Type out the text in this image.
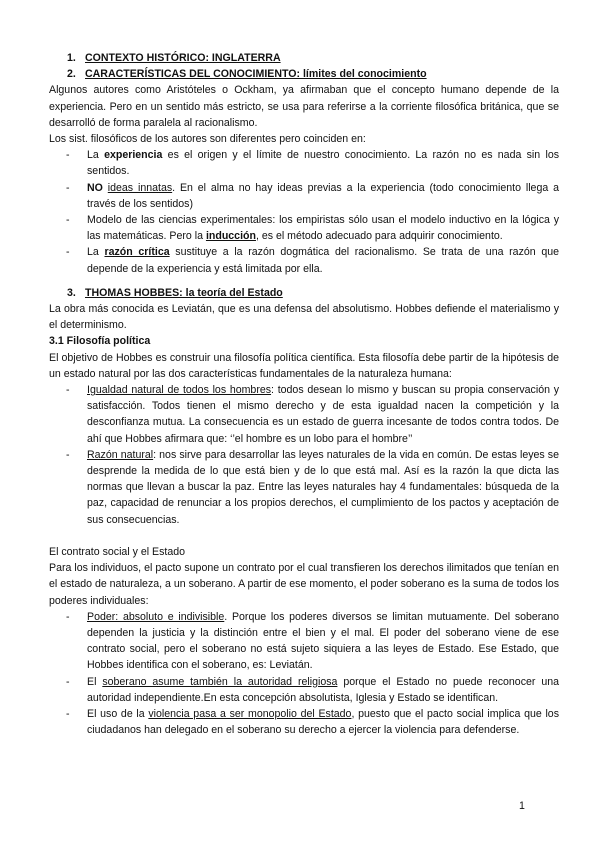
1. CONTEXTO HISTÓRICO: INGLATERRA
2. CARACTERÍSTICAS DEL CONOCIMIENTO: límites del conocimiento

Algunos autores como Aristóteles o Ockham, ya afirmaban que el concepto humano depende de la experiencia. Pero en un sentido más estricto, se usa para referirse a la corriente filosófica británica, que se desarrolló de forma paralela al racionalismo.

Los sist. filosóficos de los autores son diferentes pero coinciden en:

- La experiencia es el origen y el límite de nuestro conocimiento. La razón no es nada sin los sentidos.
- NO ideas innatas. En el alma no hay ideas previas a la experiencia (todo conocimiento llega a través de los sentidos)
- Modelo de las ciencias experimentales: los empiristas sólo usan el modelo inductivo en la lógica y las matemáticas. Pero la inducción, es el método adecuado para adquirir conocimiento.
- La razón crítica sustituye a la razón dogmática del racionalismo. Se trata de una razón que depende de la experiencia y está limitada por ella.
3. THOMAS HOBBES: la teoría del Estado

La obra más conocida es Leviatán, que es una defensa del absolutismo. Hobbes defiende el materialismo y el determinismo.

3.1 Filosofía política

El objetivo de Hobbes es construir una filosofía política científica. Esta filosofía debe partir de la hipótesis de un estado natural por las dos características fundamentales de la naturaleza humana:

- Igualdad natural de todos los hombres: todos desean lo mismo y buscan su propia conservación y satisfacción. Todos tienen el mismo derecho y de esta igualdad nacen la competición y la desconfianza mutua. La consecuencia es un estado de guerra incesante de todos contra todos. De ahí que Hobbes afirmara que: ‘’el hombre es un lobo para el hombre’’
- Razón natural: nos sirve para desarrollar las leyes naturales de la vida en común. De estas leyes se desprende la medida de lo que está bien y de lo que está mal. Así es la razón la que dicta las normas que llevan a buscar la paz. Entre las leyes naturales hay 4 fundamentales: búsqueda de la paz, capacidad de renunciar a los propios derechos, el cumplimiento de los pactos y aceptación de sus consecuencias.
El contrato social y el Estado

Para los individuos, el pacto supone un contrato por el cual transfieren los derechos ilimitados que tenían en el estado de naturaleza, a un soberano. A partir de ese momento, el poder soberano es la suma de todos los poderes individuales:

- Poder: absoluto e indivisible. Porque los poderes diversos se limitan mutuamente. Del soberano dependen la justicia y la distinción entre el bien y el mal. El poder del soberano viene de ese contrato social, pero el soberano no está sujeto siquiera a las leyes de Estado. Ese Estado, que Hobbes identifica con el soberano, es: Leviatán.
- El soberano asume también la autoridad religiosa porque el Estado no puede reconocer una autoridad independiente.En esta concepción absolutista, Iglesia y Estado se identifican.
- El uso de la violencia pasa a ser monopolio del Estado, puesto que el pacto social implica que los ciudadanos han delegado en el soberano su derecho a ejercer la violencia para defenderse.
1
